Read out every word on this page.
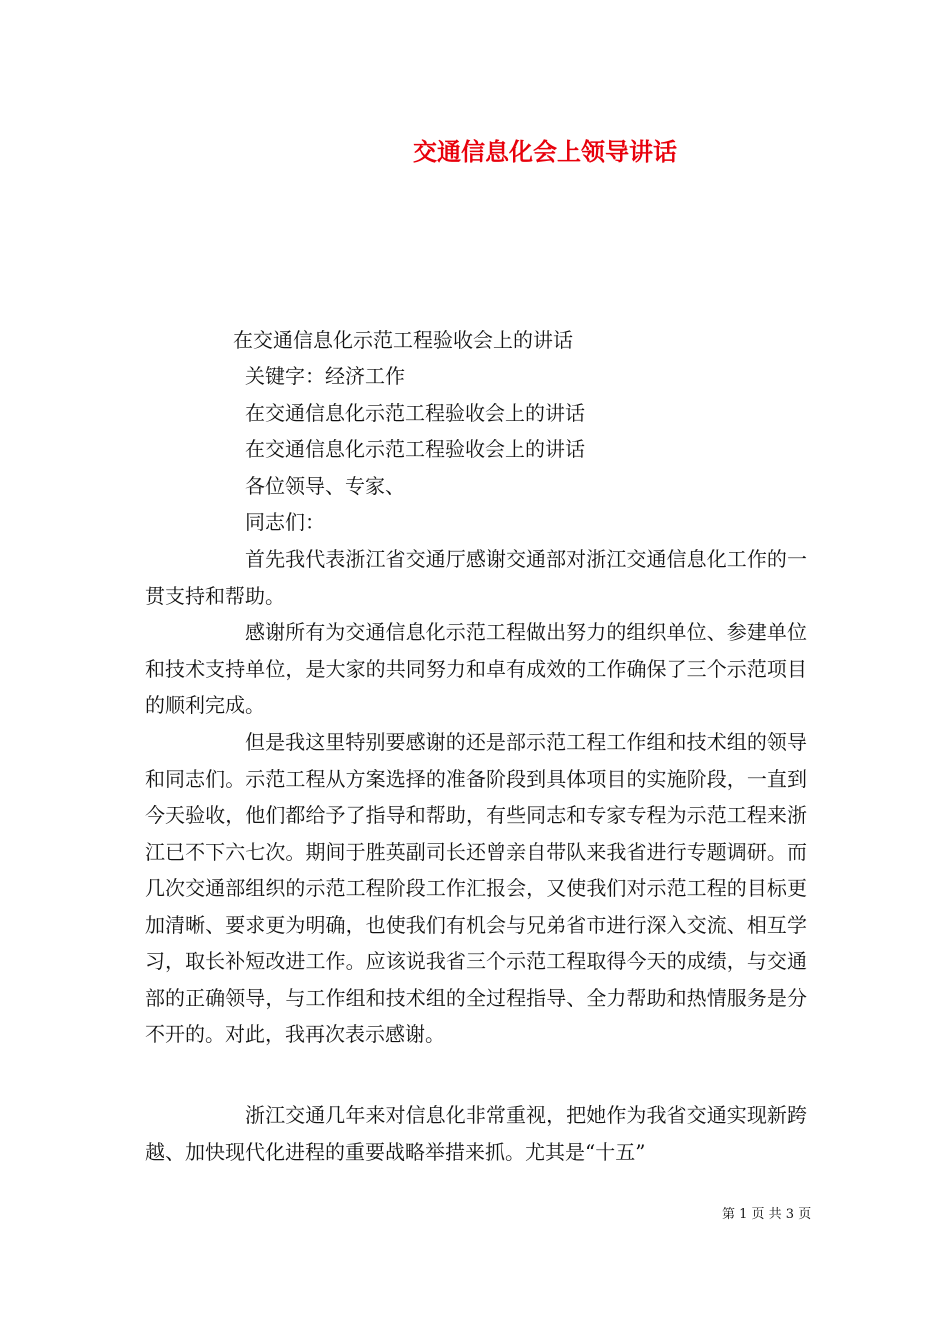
交通信息化会上领导讲话
在交通信息化示范工程验收会上的讲话
关键字：经济工作
在交通信息化示范工程验收会上的讲话
在交通信息化示范工程验收会上的讲话
各位领导、专家、
同志们：
首先我代表浙江省交通厅感谢交通部对浙江交通信息化工作的一贯支持和帮助。
感谢所有为交通信息化示范工程做出努力的组织单位、参建单位和技术支持单位，是大家的共同努力和卓有成效的工作确保了三个示范项目的顺利完成。
但是我这里特别要感谢的还是部示范工程工作组和技术组的领导和同志们。示范工程从方案选择的准备阶段到具体项目的实施阶段，一直到今天验收，他们都给予了指导和帮助，有些同志和专家专程为示范工程来浙江已不下六七次。期间于胜英副司长还曾亲自带队来我省进行专题调研。而几次交通部组织的示范工程阶段工作汇报会，又使我们对示范工程的目标更加清晰、要求更为明确，也使我们有机会与兄弟省市进行深入交流、相互学习，取长补短改进工作。应该说我省三个示范工程取得今天的成绩，与交通部的正确领导，与工作组和技术组的全过程指导、全力帮助和热情服务是分不开的。对此，我再次表示感谢。
浙江交通几年来对信息化非常重视，把她作为我省交通实现新跨越、加快现代化进程的重要战略举措来抓。尤其是“十五”
第 1 页 共 3 页
